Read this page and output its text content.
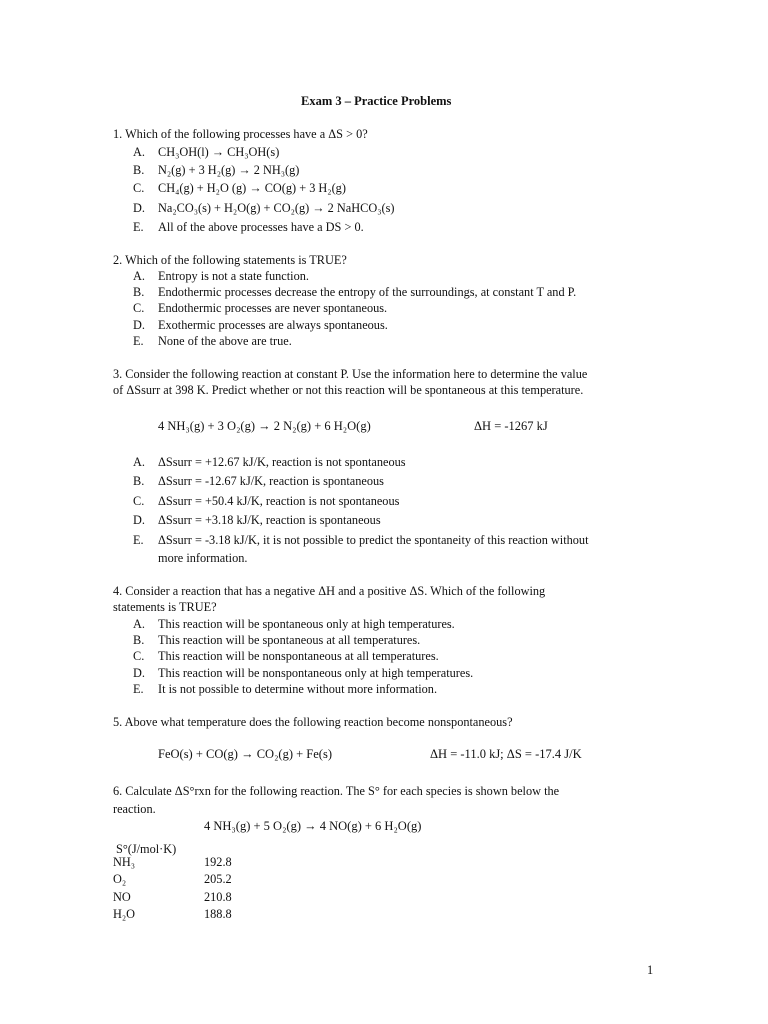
Exam 3 – Practice Problems
1. Which of the following processes have a ΔS > 0?
A. CH₃OH(l) → CH₃OH(s)
B. N₂(g) + 3 H₂(g) → 2 NH₃(g)
C. CH₄(g) + H₂O (g) → CO(g) + 3 H₂(g)
D. Na₂CO₃(s) + H₂O(g) + CO₂(g) → 2 NaHCO₃(s)
E. All of the above processes have a DS > 0.
2. Which of the following statements is TRUE?
A. Entropy is not a state function.
B. Endothermic processes decrease the entropy of the surroundings, at constant T and P.
C. Endothermic processes are never spontaneous.
D. Exothermic processes are always spontaneous.
E. None of the above are true.
3. Consider the following reaction at constant P. Use the information here to determine the value
of ΔSsurr at 398 K. Predict whether or not this reaction will be spontaneous at this temperature.
4 NH₃(g) + 3 O₂(g) → 2 N₂(g) + 6 H₂O(g)	ΔH = -1267 kJ
A. ΔSsurr = +12.67 kJ/K, reaction is not spontaneous
B. ΔSsurr = -12.67 kJ/K, reaction is spontaneous
C. ΔSsurr = +50.4 kJ/K, reaction is not spontaneous
D. ΔSsurr = +3.18 kJ/K, reaction is spontaneous
E. ΔSsurr = -3.18 kJ/K, it is not possible to predict the spontaneity of this reaction without
more information.
4. Consider a reaction that has a negative ΔH and a positive ΔS. Which of the following
statements is TRUE?
A. This reaction will be spontaneous only at high temperatures.
B. This reaction will be spontaneous at all temperatures.
C. This reaction will be nonspontaneous at all temperatures.
D. This reaction will be nonspontaneous only at high temperatures.
E. It is not possible to determine without more information.
5. Above what temperature does the following reaction become nonspontaneous?
FeO(s) + CO(g) → CO₂(g) + Fe(s)	ΔH = -11.0 kJ; ΔS = -17.4 J/K
6. Calculate ΔS°rxn for the following reaction. The S° for each species is shown below the
reaction.
4 NH₃(g) + 5 O₂(g) → 4 NO(g) + 6 H₂O(g)
S°(J/mol·K)
NH₃	192.8
O₂	205.2
NO	210.8
H₂O	188.8
1
